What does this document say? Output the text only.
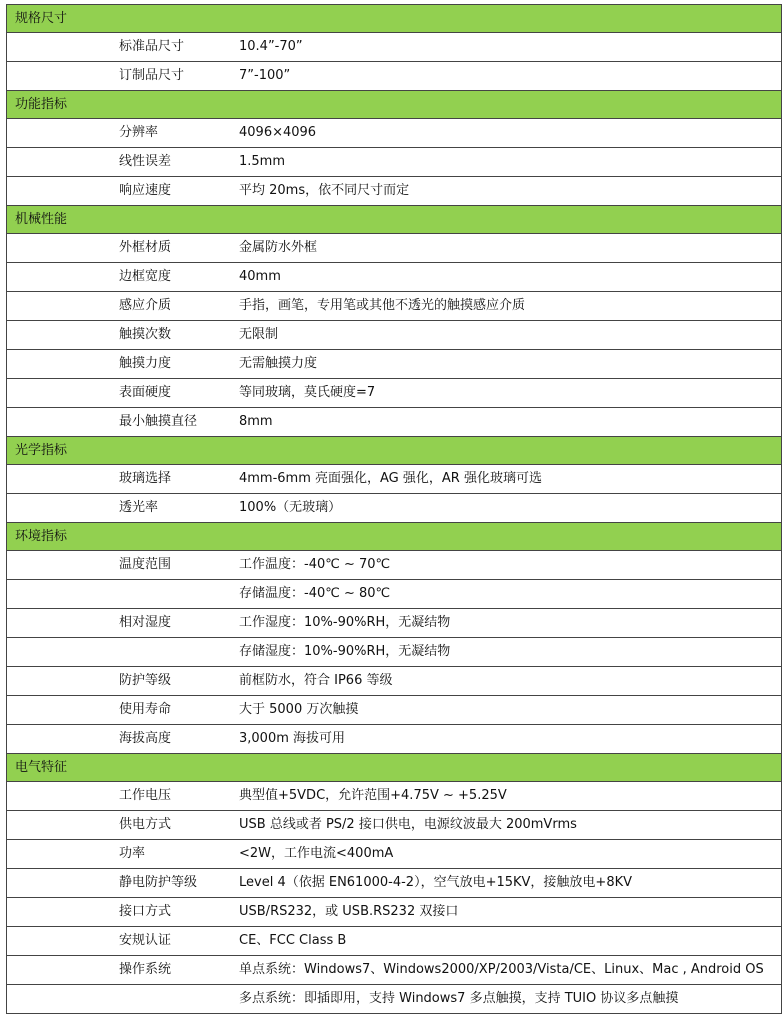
规格尺寸
标准品尺寸	10.4”-70”
订制品尺寸	7”-100”
功能指标
分辨率	4096×4096
线性误差	1.5mm
响应速度	平均 20ms，依不同尺寸而定
机械性能
外框材质	金属防水外框
边框宽度	40mm
感应介质	手指，画笔，专用笔或其他不透光的触摸感应介质
触摸次数	无限制
触摸力度	无需触摸力度
表面硬度	等同玻璃，莫氏硬度=7
最小触摸直径	8mm
光学指标
玻璃选择	4mm-6mm 亮面强化，AG 强化，AR 强化玻璃可选
透光率	100%（无玻璃）
环境指标
温度范围	工作温度：-40℃ ~ 70℃
存储温度：-40℃ ~ 80℃
相对湿度	工作湿度：10%-90%RH，无凝结物
存储湿度：10%-90%RH，无凝结物
防护等级	前框防水，符合 IP66 等级
使用寿命	大于 5000 万次触摸
海拔高度	3,000m 海拔可用
电气特征
工作电压	典型值+5VDC，允许范围+4.75V ~ +5.25V
供电方式	USB 总线或者 PS/2 接口供电，电源纹波最大 200mVrms
功率	<2W，工作电流<400mA
静电防护等级	Level 4（依据 EN61000-4-2），空气放电+15KV，接触放电+8KV
接口方式	USB/RS232，或 USB.RS232 双接口
安规认证	CE、FCC Class B
操作系统	单点系统：Windows7、Windows2000/XP/2003/Vista/CE、Linux、Mac , Android OS
多点系统：即插即用，支持 Windows7 多点触摸，支持 TUIO 协议多点触摸
